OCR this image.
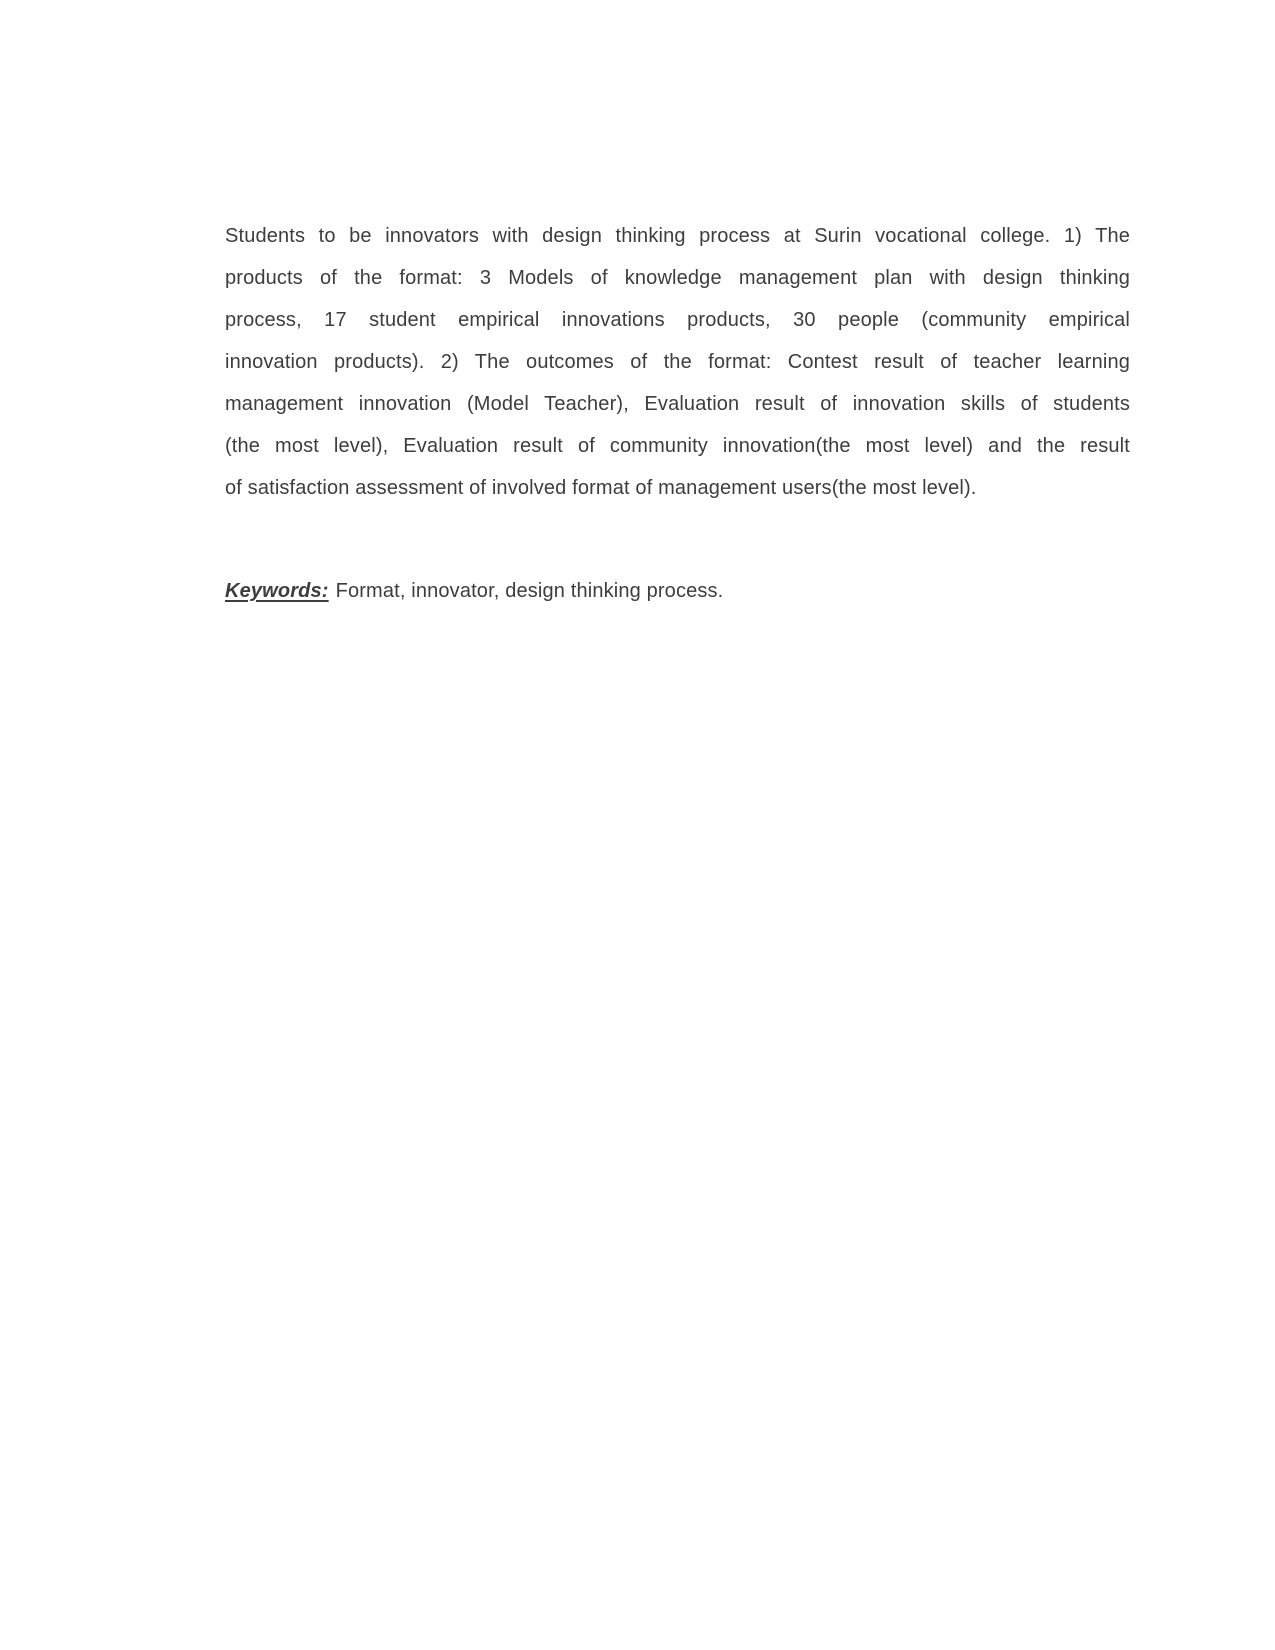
Students to be innovators with design thinking process at Surin vocational college. 1) The
products of the format: 3 Models of knowledge management plan with design thinking
process, 17 student empirical innovations products, 30 people (community empirical
innovation products). 2) The outcomes of the format: Contest result of teacher learning
management innovation (Model Teacher), Evaluation result of innovation skills of students
(the most level), Evaluation result of community innovation(the most level) and the result
of satisfaction assessment of involved format of management users(the most level).
Keywords: Format, innovator, design thinking process.
